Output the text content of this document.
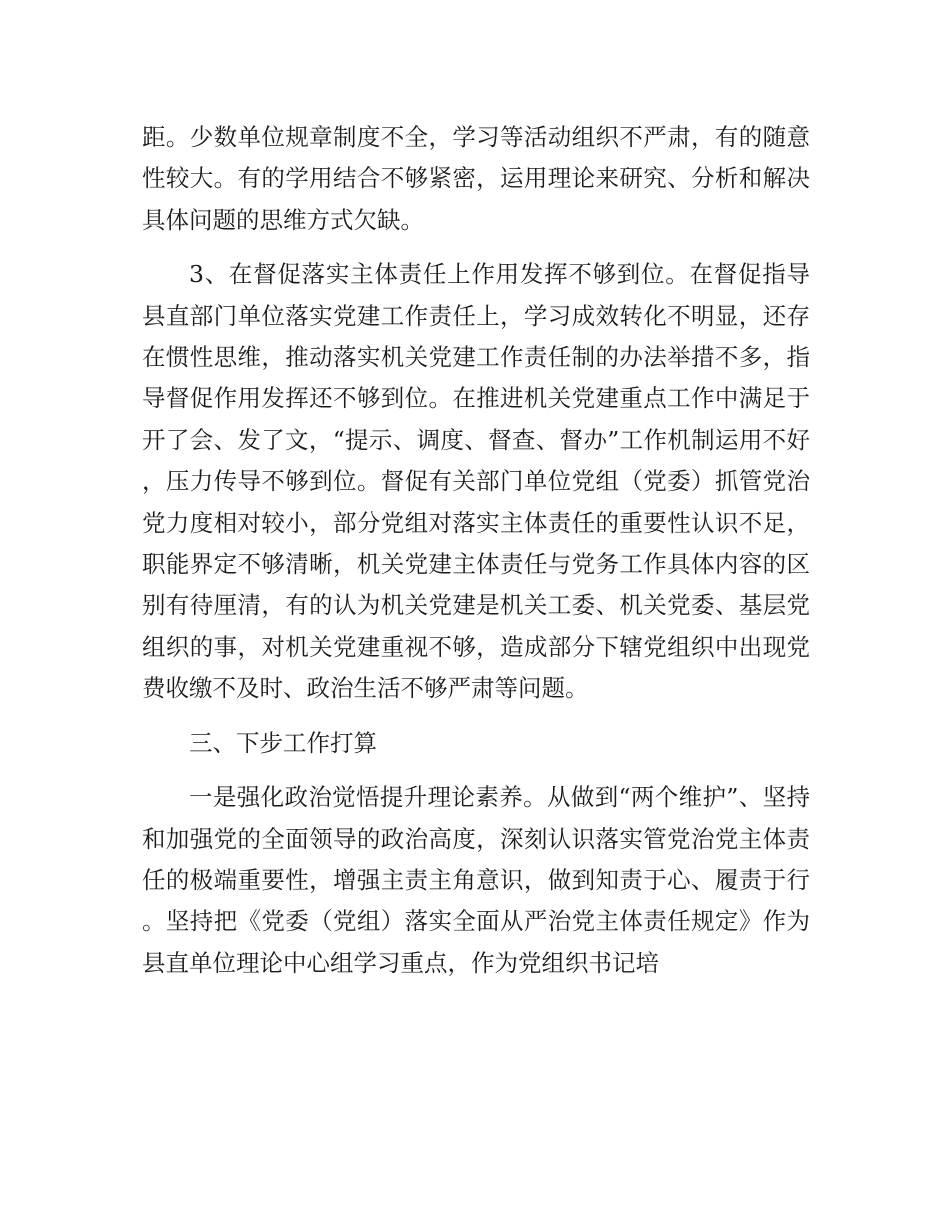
距。少数单位规章制度不全，学习等活动组织不严肃，有的随意性较大。有的学用结合不够紧密，运用理论来研究、分析和解决具体问题的思维方式欠缺。

3、在督促落实主体责任上作用发挥不够到位。在督促指导县直部门单位落实党建工作责任上，学习成效转化不明显，还存在惯性思维，推动落实机关党建工作责任制的办法举措不多，指导督促作用发挥还不够到位。在推进机关党建重点工作中满足于开了会、发了文，“提示、调度、督查、督办”工作机制运用不好，压力传导不够到位。督促有关部门单位党组（党委）抓管党治党力度相对较小，部分党组对落实主体责任的重要性认识不足，职能界定不够清晰，机关党建主体责任与党务工作具体内容的区别有待厘清，有的认为机关党建是机关工委、机关党委、基层党组织的事，对机关党建重视不够，造成部分下辖党组织中出现党费收缴不及时、政治生活不够严肃等问题。

三、下步工作打算

一是强化政治觉悟提升理论素养。从做到“两个维护”、坚持和加强党的全面领导的政治高度，深刻认识落实管党治党主体责任的极端重要性，增强主责主角意识，做到知责于心、履责于行。坚持把《党委（党组）落实全面从严治党主体责任规定》作为县直单位理论中心组学习重点，作为党组织书记培
